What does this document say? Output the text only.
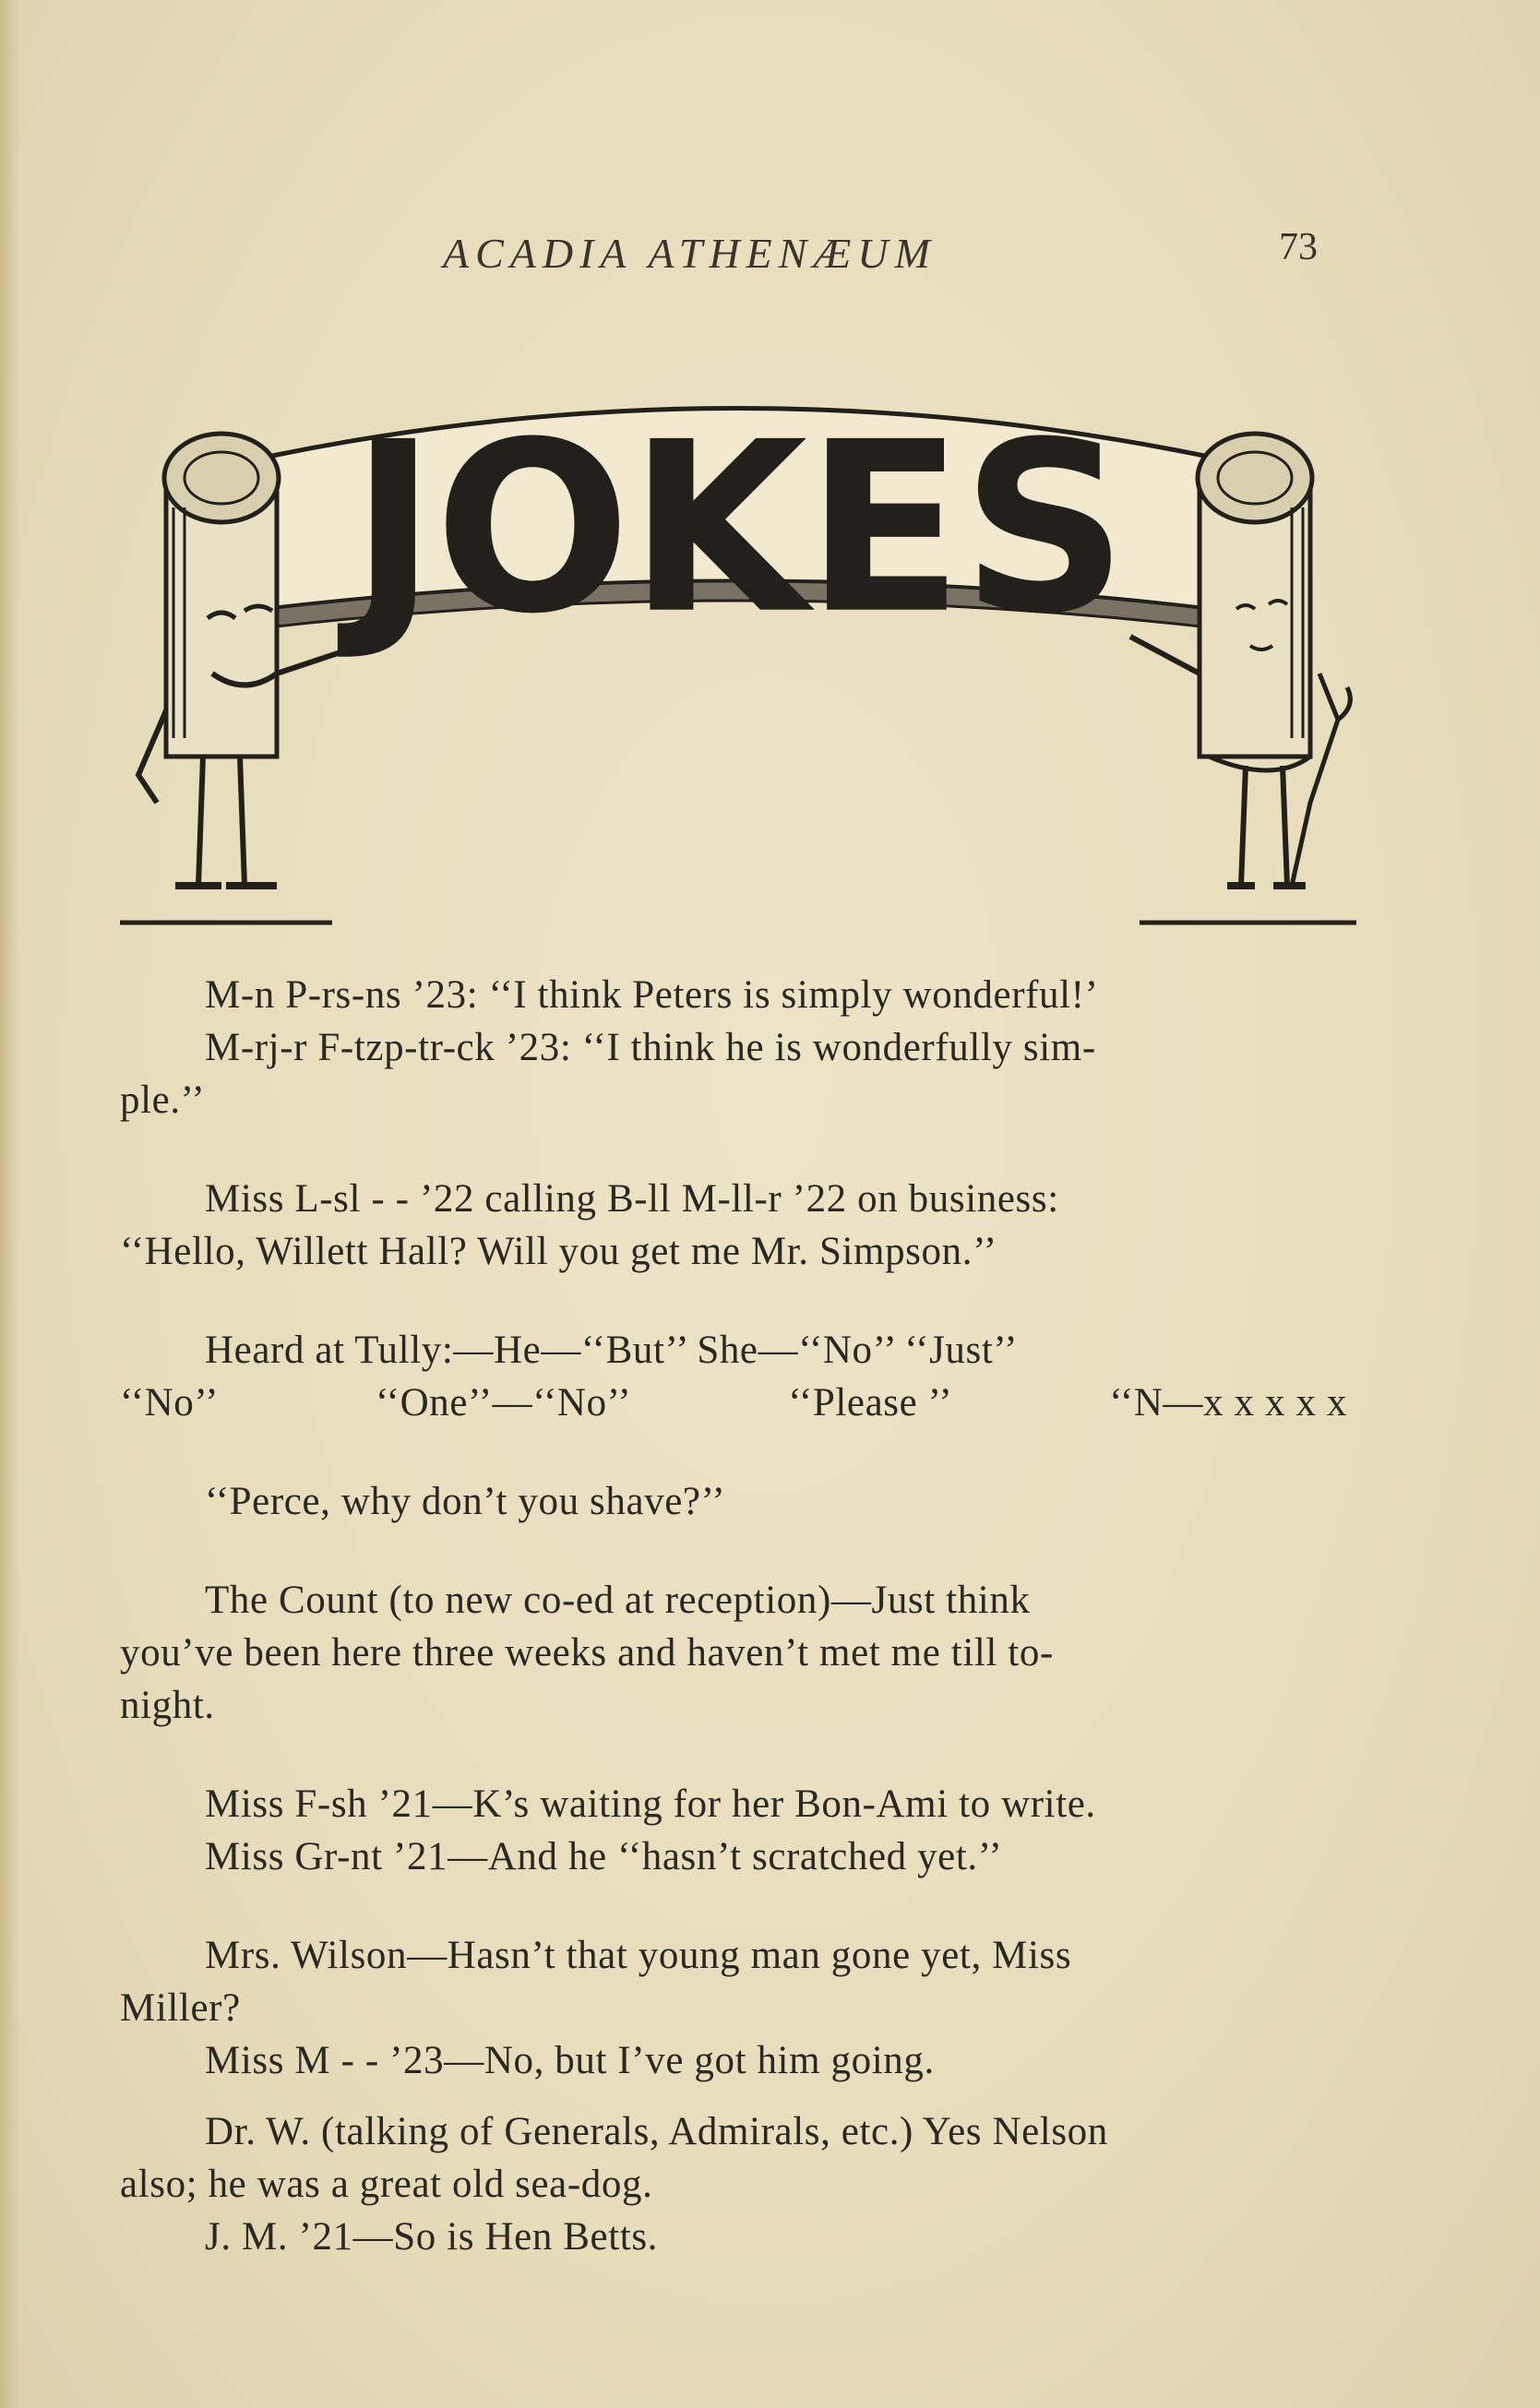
ACADIA ATHENÆUM	73
JOKES

M-n P-rs-ns ’23: ‘‘I think Peters is simply wonderful!’

M-rj-r F-tzp-tr-ck ’23: ‘‘I think he is wonderfully sim-

ple.’’

Miss L-sl - - ’22 calling B-ll M-ll-r ’22 on business:

‘‘Hello, Willett Hall? Will you get me Mr. Simpson.’’

Heard at Tully:—He—‘‘But’’ She—‘‘No’’ ‘‘Just’’

‘‘No’’	‘‘One’’—‘‘No’’	‘‘Please ’’	‘‘N—x x x x x

‘‘Perce, why don’t you shave?’’

The Count (to new co-ed at reception)—Just think

you’ve been here three weeks and haven’t met me till to-

night.

Miss F-sh ’21—K’s waiting for her Bon-Ami to write.

Miss Gr-nt ’21—And he ‘‘hasn’t scratched yet.’’

Mrs. Wilson—Hasn’t that young man gone yet, Miss

Miller?

Miss M - - ’23—No, but I’ve got him going.

Dr. W. (talking of Generals, Admirals, etc.) Yes Nelson

also; he was a great old sea-dog.

J. M. ’21—So is Hen Betts.
